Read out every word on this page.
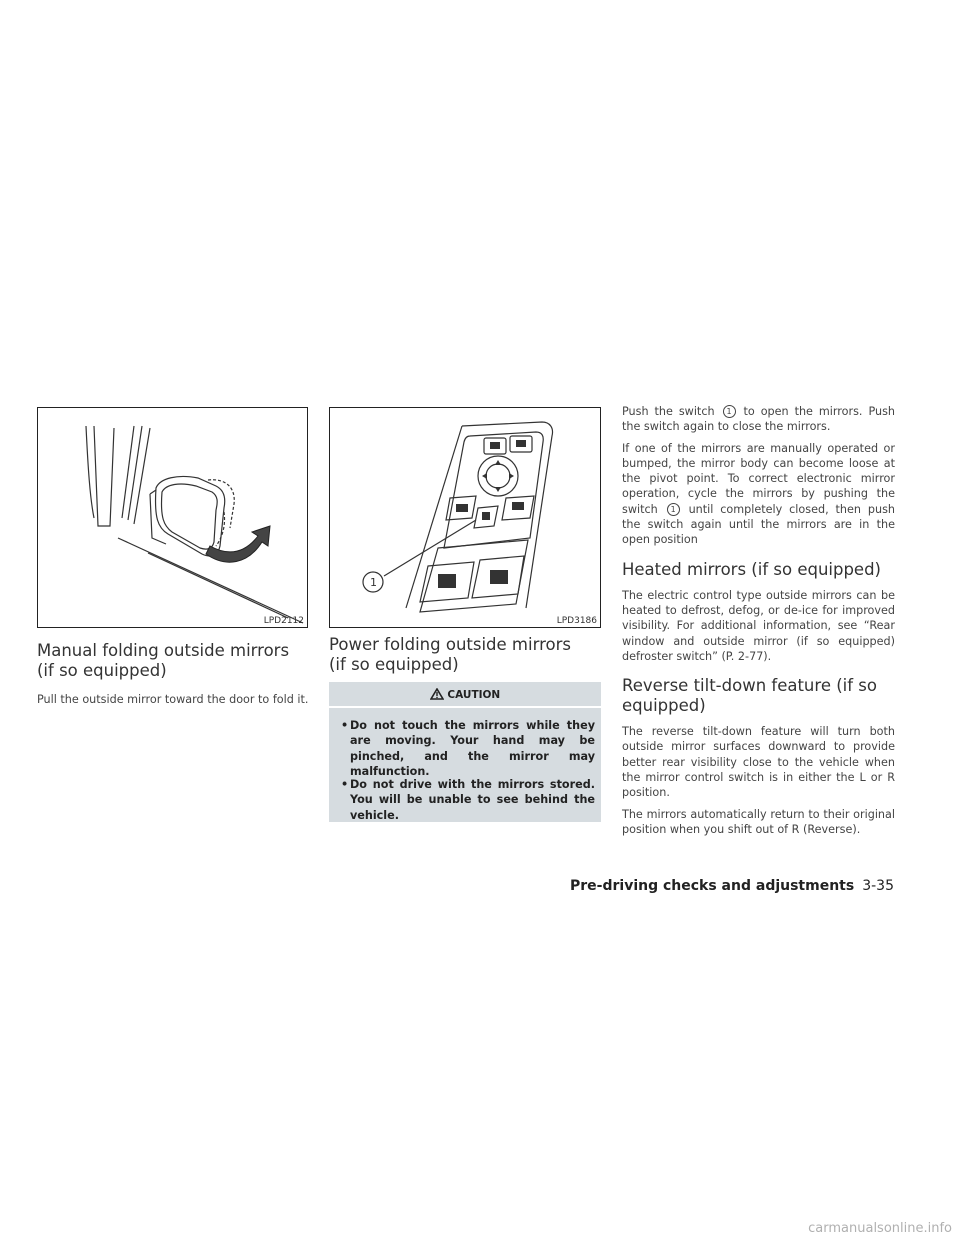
LPD2112
1
LPD3186
Manual folding outside mirrors
(if so equipped)

Pull the outside mirror toward the door to fold it.

Power folding outside mirrors
(if so equipped)
CAUTION
• Do not touch the mirrors while they are moving. Your hand may be pinched, and the mirror may malfunction.
• Do not drive with the mirrors stored. You will be unable to see behind the vehicle.

Push the switch 1 to open the mirrors. Push the switch again to close the mirrors.

If one of the mirrors are manually operated or bumped, the mirror body can become loose at the pivot point. To correct electronic mirror operation, cycle the mirrors by pushing the switch 1 until completely closed, then push the switch again until the mirrors are in the open position

Heated mirrors (if so equipped)

The electric control type outside mirrors can be heated to defrost, defog, or de-ice for improved visibility. For additional information, see “Rear window and outside mirror (if so equipped) defroster switch” (P. 2-77).

Reverse tilt-down feature (if so
equipped)

The reverse tilt-down feature will turn both outside mirror surfaces downward to provide better rear visibility close to the vehicle when the mirror control switch is in either the L or R position.

The mirrors automatically return to their original position when you shift out of R (Reverse).

Pre-driving checks and adjustments 3-35
carmanualsonline.info
